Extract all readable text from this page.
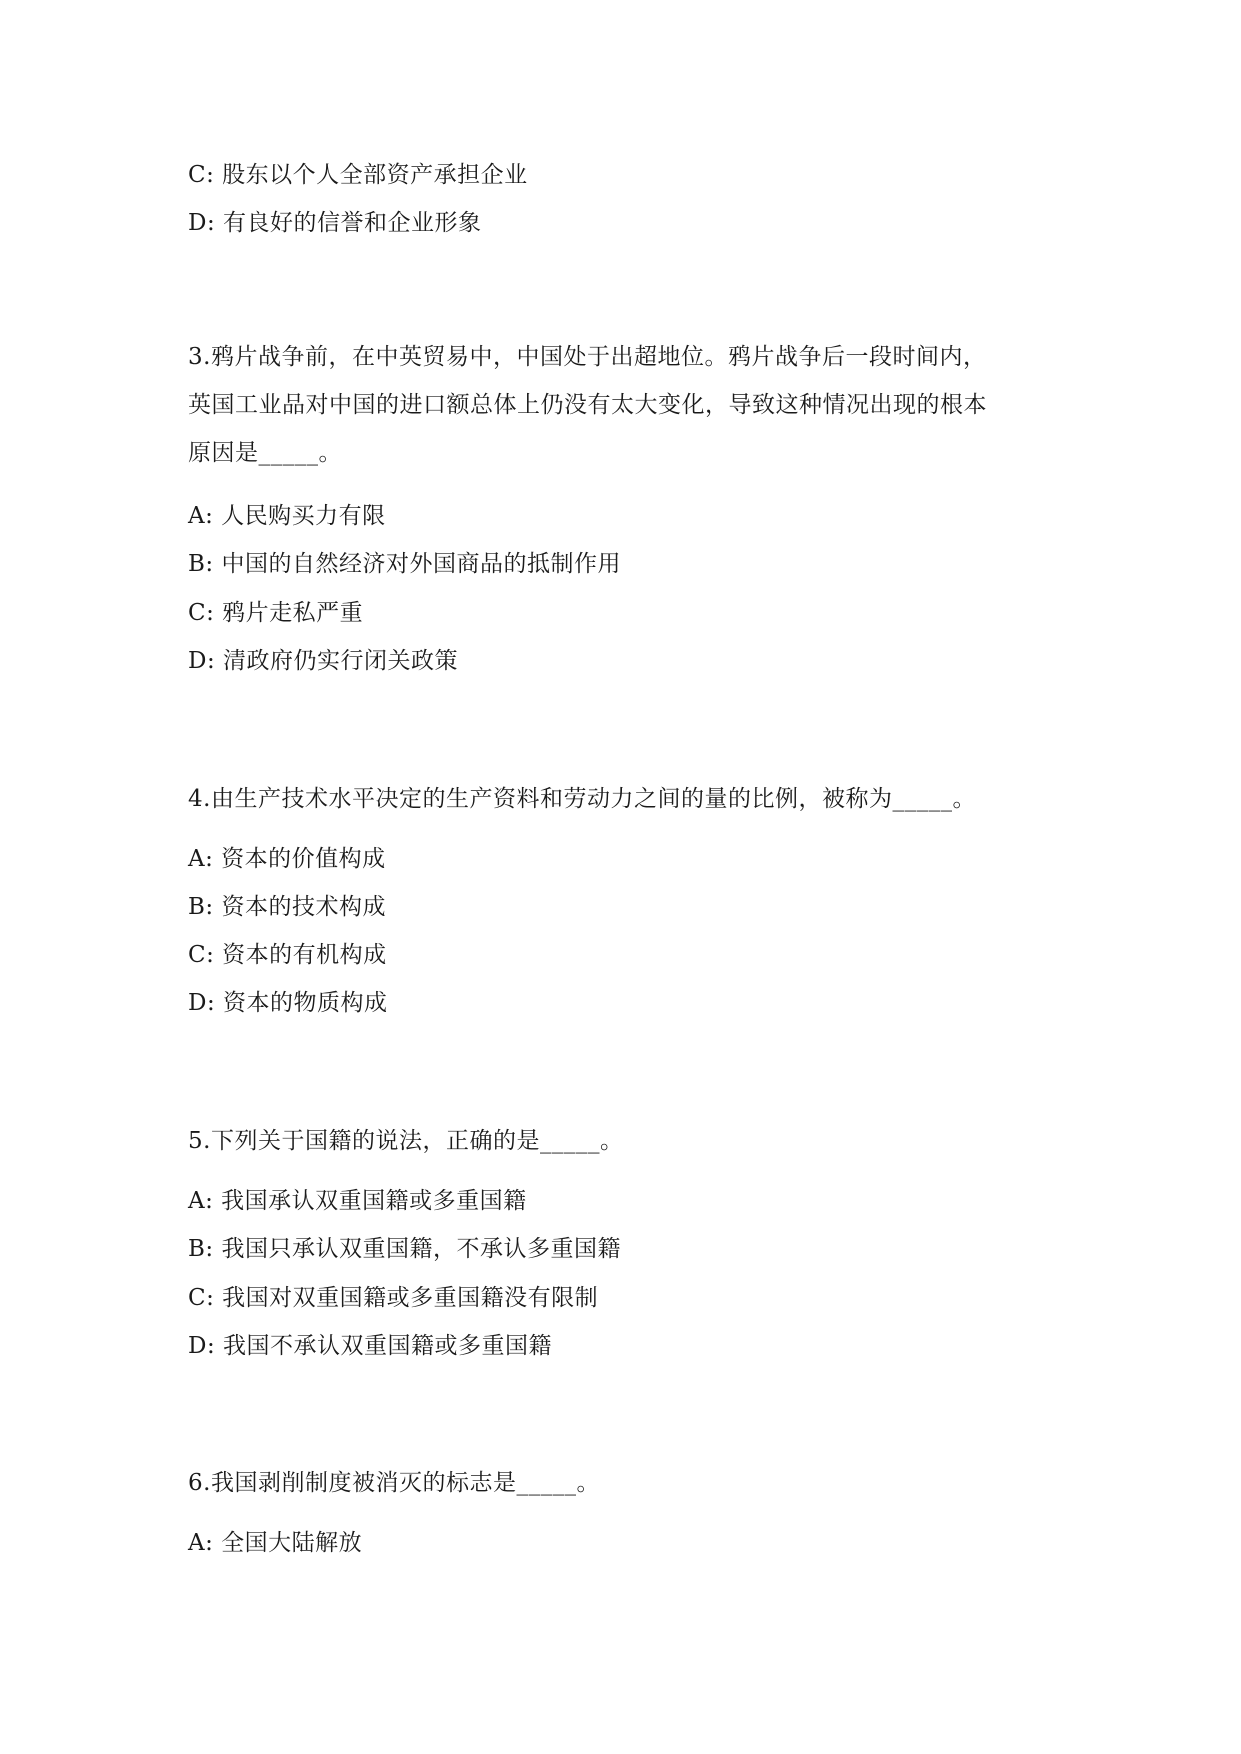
C: 股东以个人全部资产承担企业
D: 有良好的信誉和企业形象
3.鸦片战争前，在中英贸易中，中国处于出超地位。鸦片战争后一段时间内，
英国工业品对中国的进口额总体上仍没有太大变化，导致这种情况出现的根本
原因是_____。
A: 人民购买力有限
B: 中国的自然经济对外国商品的抵制作用
C: 鸦片走私严重
D: 清政府仍实行闭关政策
4.由生产技术水平决定的生产资料和劳动力之间的量的比例，被称为_____。
A: 资本的价值构成
B: 资本的技术构成
C: 资本的有机构成
D: 资本的物质构成
5.下列关于国籍的说法，正确的是_____。
A: 我国承认双重国籍或多重国籍
B: 我国只承认双重国籍，不承认多重国籍
C: 我国对双重国籍或多重国籍没有限制
D: 我国不承认双重国籍或多重国籍
6.我国剥削制度被消灭的标志是_____。
A: 全国大陆解放
